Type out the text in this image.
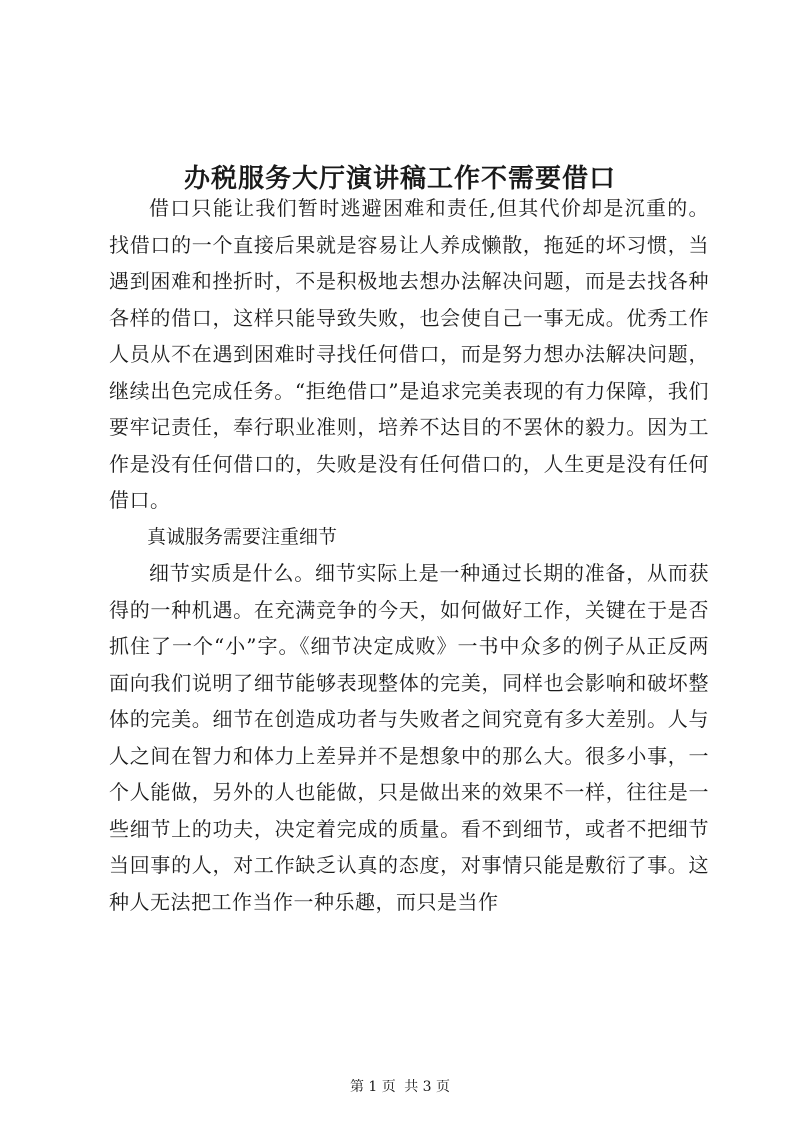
办税服务大厅演讲稿工作不需要借口

借口只能让我们暂时逃避困难和责任,但其代价却是沉重的。找借口的一个直接后果就是容易让人养成懒散，拖延的坏习惯，当遇到困难和挫折时，不是积极地去想办法解决问题，而是去找各种各样的借口，这样只能导致失败，也会使自己一事无成。优秀工作人员从不在遇到困难时寻找任何借口，而是努力想办法解决问题，继续出色完成任务。“拒绝借口”是追求完美表现的有力保障，我们要牢记责任，奉行职业准则，培养不达目的不罢休的毅力。因为工作是没有任何借口的，失败是没有任何借口的，人生更是没有任何借口。

真诚服务需要注重细节

细节实质是什么。细节实际上是一种通过长期的准备，从而获得的一种机遇。在充满竞争的今天，如何做好工作，关键在于是否抓住了一个“小”字。《细节决定成败》一书中众多的例子从正反两面向我们说明了细节能够表现整体的完美，同样也会影响和破坏整体的完美。细节在创造成功者与失败者之间究竟有多大差别。人与人之间在智力和体力上差异并不是想象中的那么大。很多小事，一个人能做，另外的人也能做，只是做出来的效果不一样，往往是一些细节上的功夫，决定着完成的质量。看不到细节，或者不把细节当回事的人，对工作缺乏认真的态度，对事情只能是敷衍了事。这种人无法把工作当作一种乐趣，而只是当作

第 1 页 共 3 页
